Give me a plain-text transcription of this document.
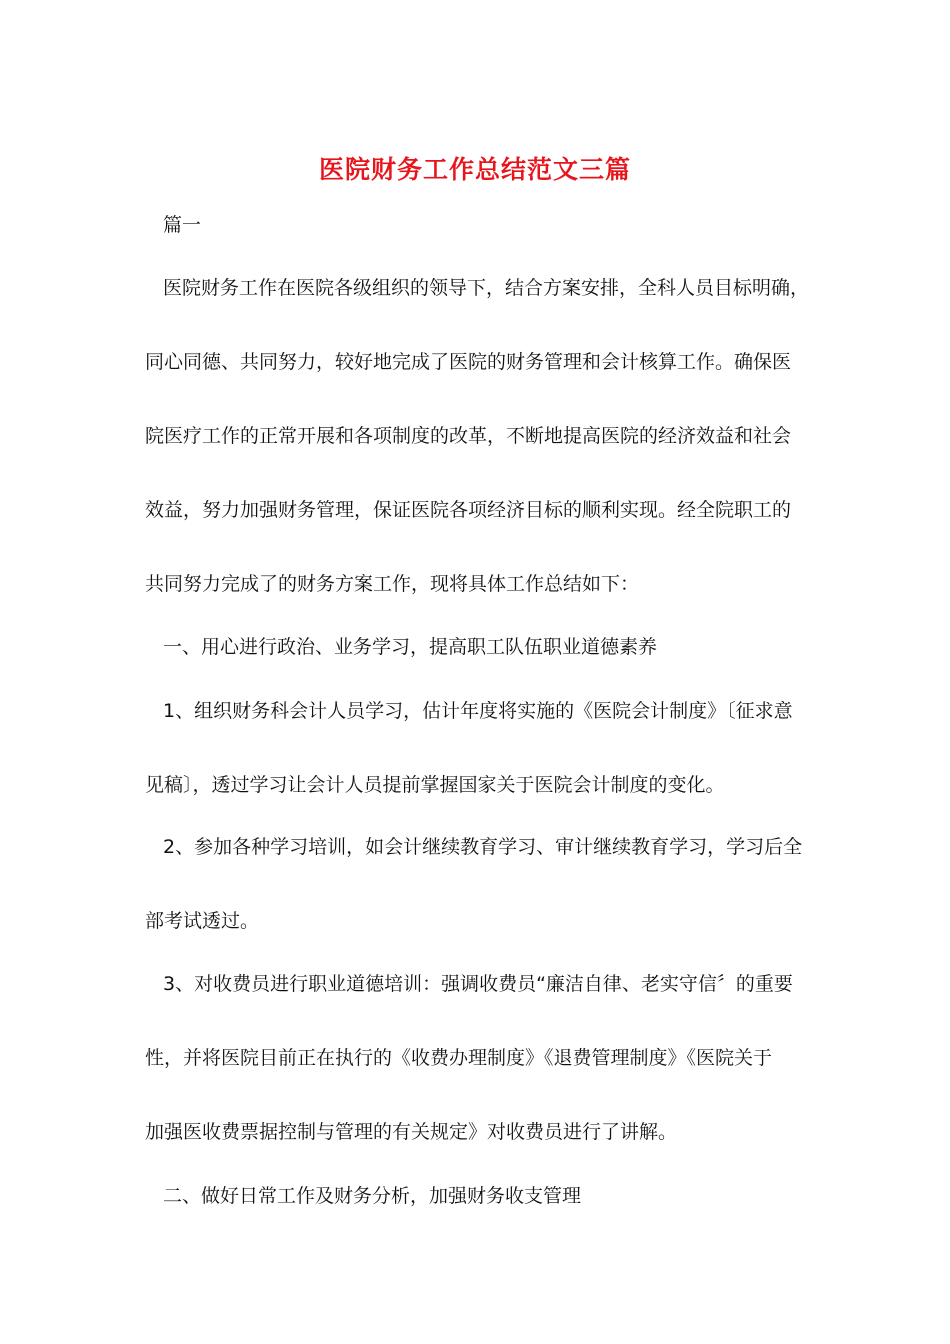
医院财务工作总结范文三篇
篇一
医院财务工作在医院各级组织的领导下，结合方案安排，全科人员目标明确，
同心同德、共同努力，较好地完成了医院的财务管理和会计核算工作。确保医
院医疗工作的正常开展和各项制度的改革，不断地提高医院的经济效益和社会
效益，努力加强财务管理，保证医院各项经济目标的顺利实现。经全院职工的
共同努力完成了的财务方案工作，现将具体工作总结如下：
一、用心进行政治、业务学习，提高职工队伍职业道德素养
1、组织财务科会计人员学习，估计年度将实施的《医院会计制度》〔征求意
见稿〕，透过学习让会计人员提前掌握国家关于医院会计制度的变化。
2、参加各种学习培训，如会计继续教育学习、审计继续教育学习，学习后全
部考试透过。
3、对收费员进行职业道德培训：强调收费员“廉洁自律、老实守信〞的重要
性，并将医院目前正在执行的《收费办理制度》《退费管理制度》《医院关于
加强医收费票据控制与管理的有关规定》对收费员进行了讲解。
二、做好日常工作及财务分析，加强财务收支管理
